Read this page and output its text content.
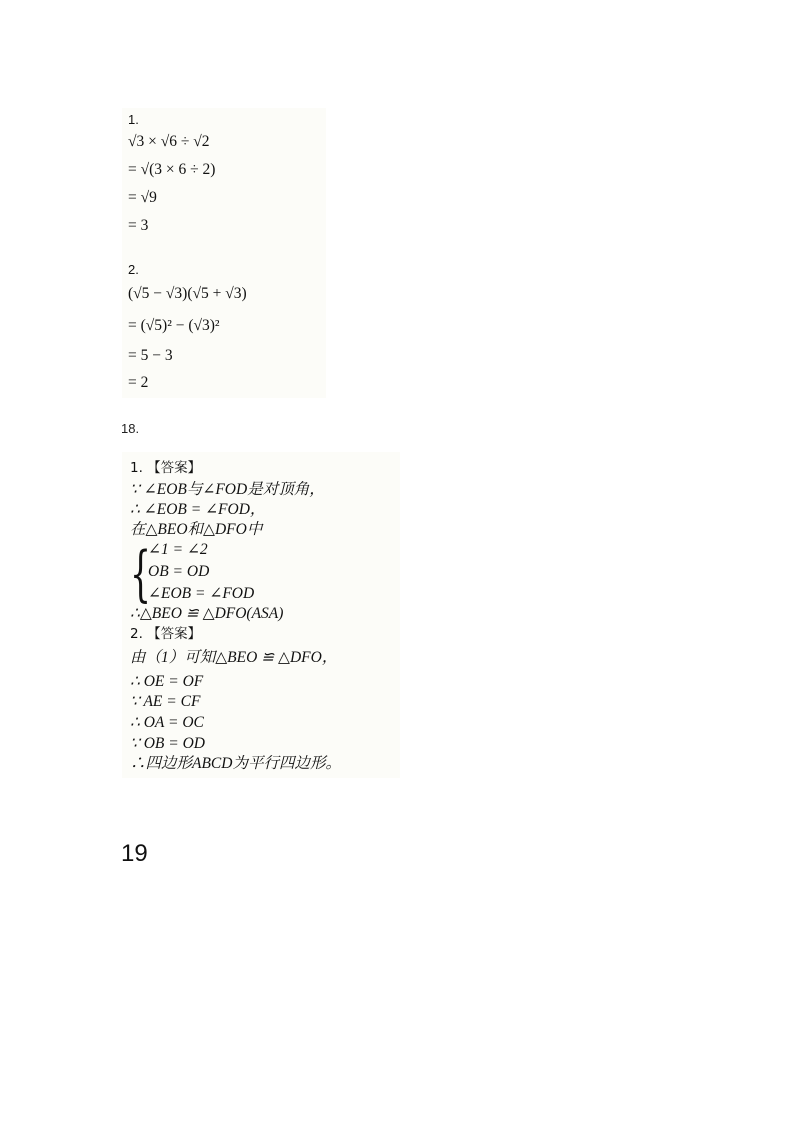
1.
√3 × √6 ÷ √2
= √(3 × 6 ÷ 2)
= √9
= 3
2.
(√5 − √3)(√5 + √3)
= (√5)² − (√3)²
= 5 − 3
= 2
18.
1. 【答案】
∵ ∠EOB与∠FOD是对顶角，
∴ ∠EOB = ∠FOD，
在△BEO和△DFO中
{
∠1 = ∠2
OB = OD
∠EOB = ∠FOD
∴△BEO ≌ △DFO(ASA)
2. 【答案】
由（1）可知△BEO ≌ △DFO，
∴ OE = OF
∵ AE = CF
∴ OA = OC
∵ OB = OD
∴四边形ABCD为平行四边形。
19
